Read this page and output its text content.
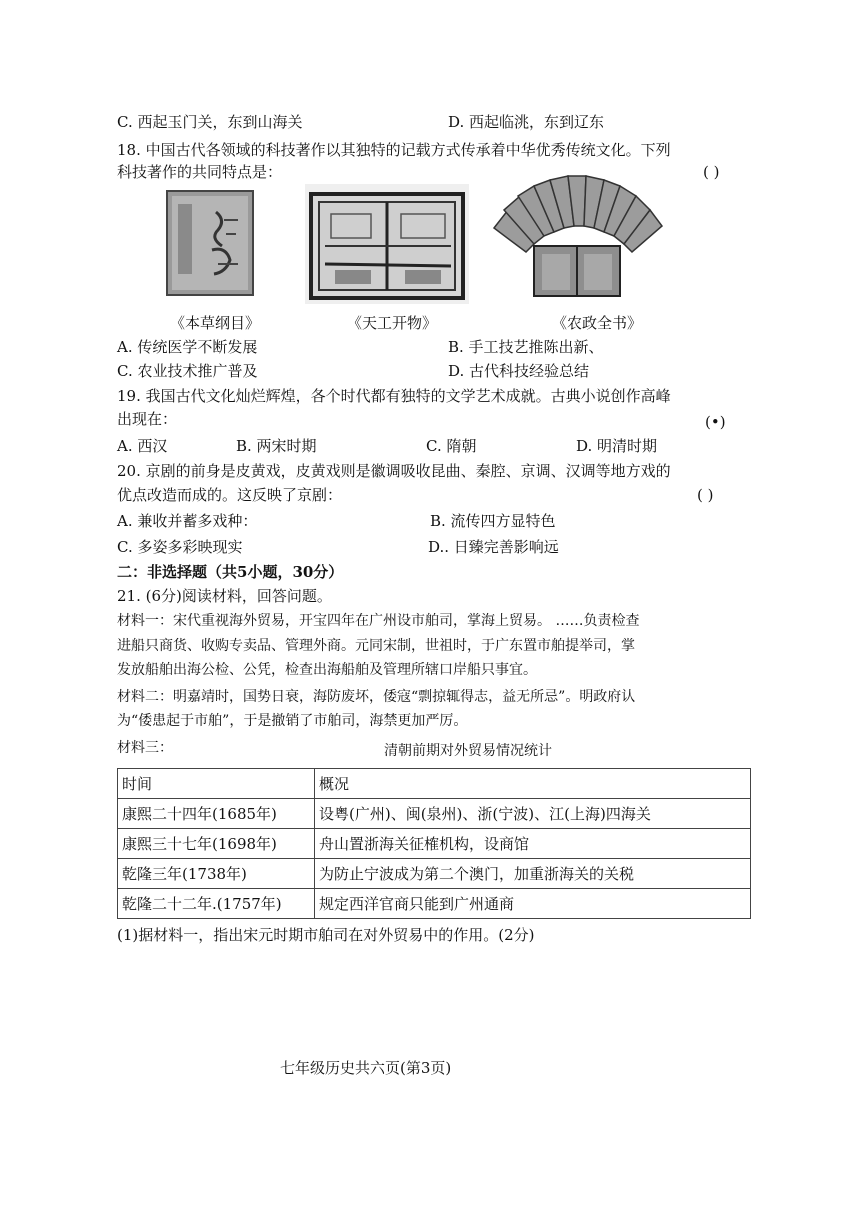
C. 西起玉门关，东到山海关	D. 西起临洮，东到辽东
18. 中国古代各领域的科技著作以其独特的记载方式传承着中华优秀传统文化。下列
科技著作的共同特点是：	( )
《本草纲目》	《天工开物》	《农政全书》
A. 传统医学不断发展	B. 手工技艺推陈出新、
C. 农业技术推广普及	D. 古代科技经验总结
19. 我国古代文化灿烂辉煌，各个时代都有独特的文学艺术成就。古典小说创作高峰
出现在：	(•)
A. 西汉	B. 两宋时期	C. 隋朝	D. 明清时期
20. 京剧的前身是皮黄戏，皮黄戏则是徽调吸收昆曲、秦腔、京调、汉调等地方戏的
优点改造而成的。这反映了京剧：	( )
A. 兼收并蓄多戏种：	B. 流传四方显特色
C. 多姿多彩映现实	D.. 日臻完善影响远
二：非选择题（共5小题，30分）
21. (6分)阅读材料，回答问题。
材料一：宋代重视海外贸易，开宝四年在广州设市舶司，掌海上贸易。 ……负责检查
进船只商货、收购专卖品、管理外商。元同宋制，世祖时，于广东置市舶提举司，掌
发放船舶出海公检、公凭，检查出海船舶及管理所辖口岸船只事宜。
材料二：明嘉靖时，国势日衰，海防废坏，倭寇“剽掠辄得志，益无所忌”。明政府认
为“倭患起于市舶”，于是撤销了市舶司，海禁更加严厉。
材料三：	清朝前期对外贸易情况统计
时间	概况
康熙二十四年(1685年)	设粤(广州)、闽(泉州)、浙(宁波)、江(上海)四海关
康熙三十七年(1698年)	舟山置浙海关征榷机构，设商馆
乾隆三年(1738年)	为防止宁波成为第二个澳门，加重浙海关的关税
乾隆二十二年.(1757年)	规定西洋官商只能到广州通商
(1)据材料一，指出宋元时期市舶司在对外贸易中的作用。(2分)
七年级历史共六页(第3页)
